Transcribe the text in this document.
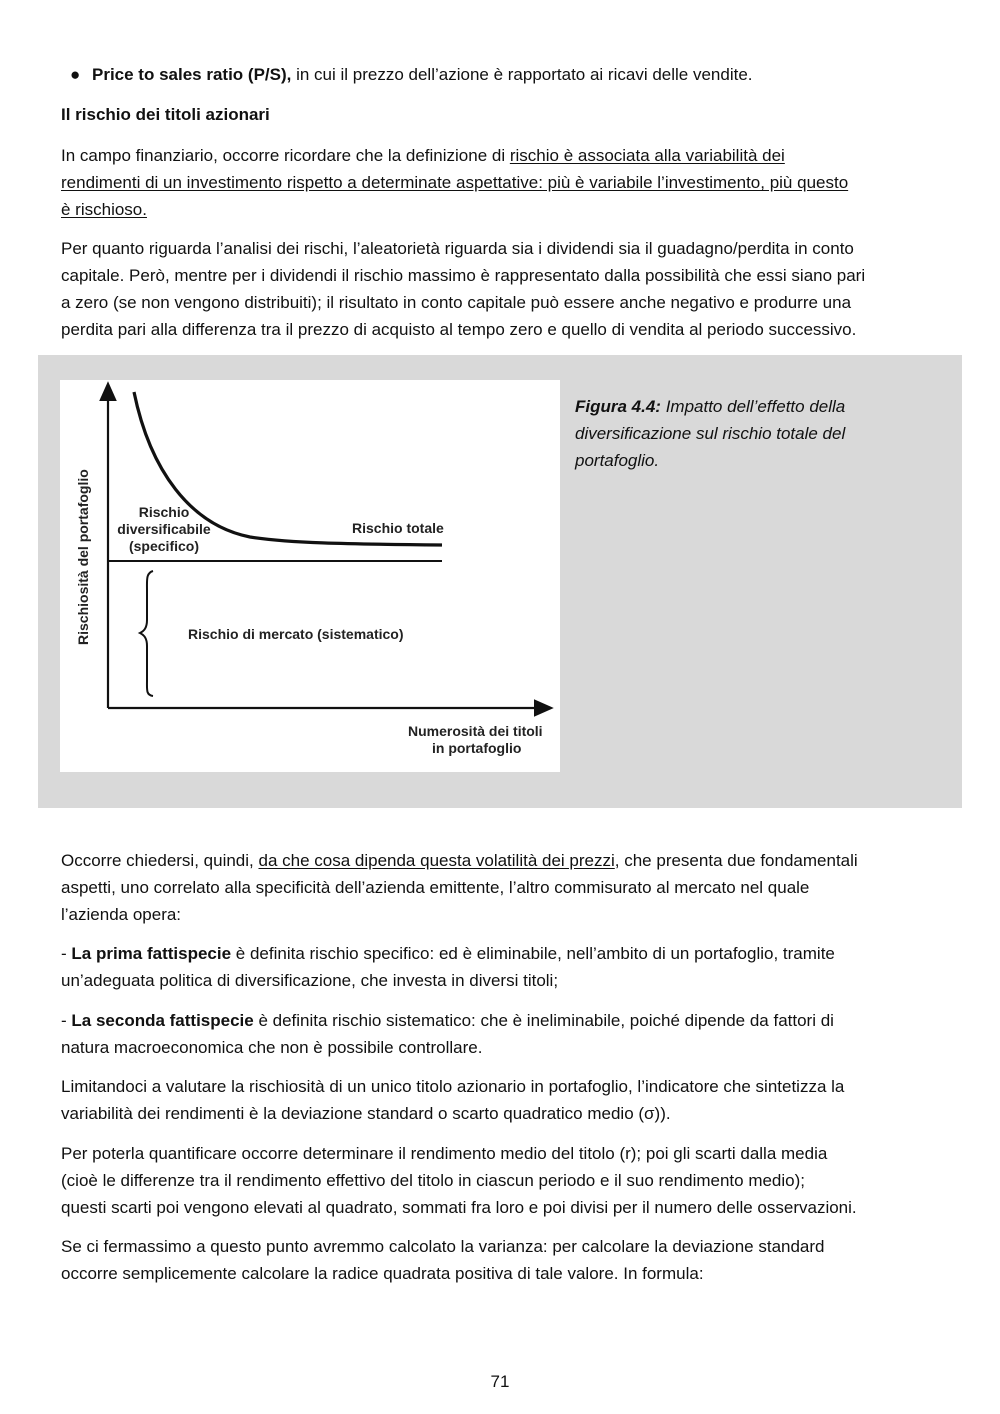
● Price to sales ratio (P/S), in cui il prezzo dell’azione è rapportato ai ricavi delle vendite.

Il rischio dei titoli azionari

In campo finanziario, occorre ricordare che la definizione di rischio è associata alla variabilità dei
rendimenti di un investimento rispetto a determinate aspettative: più è variabile l’investimento, più questo
è rischioso.

Per quanto riguarda l’analisi dei rischi, l’aleatorietà riguarda sia i dividendi sia il guadagno/perdita in conto
capitale. Però, mentre per i dividendi il rischio massimo è rappresentato dalla possibilità che essi siano pari
a zero (se non vengono distribuiti); il risultato in conto capitale può essere anche negativo e produrre una
perdita pari alla differenza tra il prezzo di acquisto al tempo zero e quello di vendita al periodo successivo.

Rischiosità del portafoglio	Rischio
diversificabile
(specifico)
Rischio totale
Rischio di mercato (sistematico)
Numerosità dei titoli
in portafoglio
Figura 4.4: Impatto dell’effetto della diversificazione sul rischio totale del portafoglio.

Occorre chiedersi, quindi, da che cosa dipenda questa volatilità dei prezzi, che presenta due fondamentali
aspetti, uno correlato alla specificità dell’azienda emittente, l’altro commisurato al mercato nel quale
l’azienda opera:

- La prima fattispecie è definita rischio specifico: ed è eliminabile, nell’ambito di un portafoglio, tramite
un’adeguata politica di diversificazione, che investa in diversi titoli;

- La seconda fattispecie è definita rischio sistematico: che è ineliminabile, poiché dipende da fattori di
natura macroeconomica che non è possibile controllare.

Limitandoci a valutare la rischiosità di un unico titolo azionario in portafoglio, l’indicatore che sintetizza la
variabilità dei rendimenti è la deviazione standard o scarto quadratico medio (σ)).

Per poterla quantificare occorre determinare il rendimento medio del titolo (r); poi gli scarti dalla media
(cioè le differenze tra il rendimento effettivo del titolo in ciascun periodo e il suo rendimento medio);
questi scarti poi vengono elevati al quadrato, sommati fra loro e poi divisi per il numero delle osservazioni.

Se ci fermassimo a questo punto avremmo calcolato la varianza: per calcolare la deviazione standard
occorre semplicemente calcolare la radice quadrata positiva di tale valore. In formula:

71
